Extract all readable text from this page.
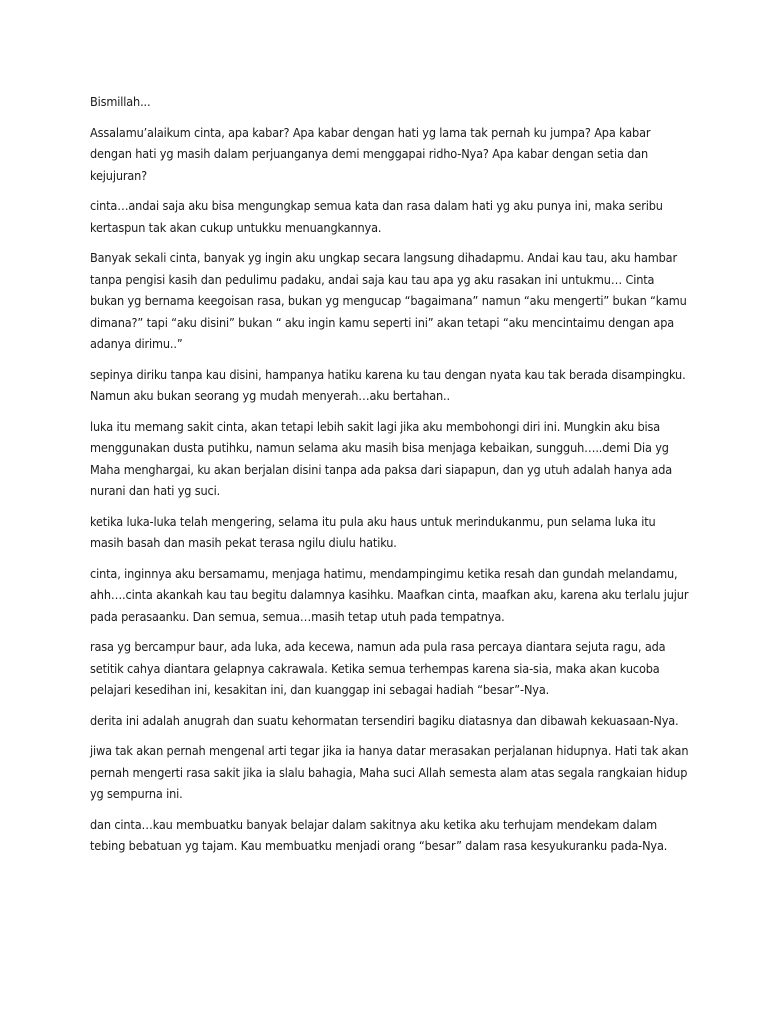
Bismillah...

Assalamu’alaikum cinta, apa kabar? Apa kabar dengan hati yg lama tak pernah ku jumpa? Apa kabar dengan hati yg masih dalam perjuanganya demi menggapai ridho-Nya? Apa kabar dengan setia dan kejujuran?

cinta…andai saja aku bisa mengungkap semua kata dan rasa dalam hati yg aku punya ini, maka seribu kertaspun tak akan cukup untukku menuangkannya.

Banyak sekali cinta, banyak yg ingin aku ungkap secara langsung dihadapmu. Andai kau tau, aku hambar tanpa pengisi kasih dan pedulimu padaku, andai saja kau tau apa yg aku rasakan ini untukmu… Cinta bukan yg bernama keegoisan rasa, bukan yg mengucap “bagaimana” namun “aku mengerti” bukan “kamu dimana?” tapi “aku disini” bukan “ aku ingin kamu seperti ini” akan tetapi “aku mencintaimu dengan apa adanya dirimu..”

sepinya diriku tanpa kau disini, hampanya hatiku karena ku tau dengan nyata kau tak berada disampingku. Namun aku bukan seorang yg mudah menyerah…aku bertahan..

luka itu memang sakit cinta, akan tetapi lebih sakit lagi jika aku membohongi diri ini. Mungkin aku bisa menggunakan dusta putihku, namun selama aku masih bisa menjaga kebaikan, sungguh…..demi Dia yg Maha menghargai, ku akan berjalan disini tanpa ada paksa dari siapapun, dan yg utuh adalah hanya ada nurani dan hati yg suci.

ketika luka-luka telah mengering, selama itu pula aku haus untuk merindukanmu, pun selama luka itu masih basah dan masih pekat terasa ngilu diulu hatiku.

cinta, inginnya aku bersamamu, menjaga hatimu, mendampingimu ketika resah dan gundah melandamu, ahh….cinta akankah kau tau begitu dalamnya kasihku. Maafkan cinta, maafkan aku, karena aku terlalu jujur pada perasaanku. Dan semua, semua…masih tetap utuh pada tempatnya.

rasa yg bercampur baur, ada luka, ada kecewa, namun ada pula rasa percaya diantara sejuta ragu, ada setitik cahya diantara gelapnya cakrawala. Ketika semua terhempas karena sia-sia, maka akan kucoba pelajari kesedihan ini, kesakitan ini, dan kuanggap ini sebagai hadiah “besar”-Nya.

derita ini adalah anugrah dan suatu kehormatan tersendiri bagiku diatasnya dan dibawah kekuasaan-Nya.

jiwa tak akan pernah mengenal arti tegar jika ia hanya datar merasakan perjalanan hidupnya. Hati tak akan pernah mengerti rasa sakit jika ia slalu bahagia, Maha suci Allah semesta alam atas segala rangkaian hidup yg sempurna ini.

dan cinta…kau membuatku banyak belajar dalam sakitnya aku ketika aku terhujam mendekam dalam tebing bebatuan yg tajam. Kau membuatku menjadi orang “besar” dalam rasa kesyukuranku pada-Nya.
